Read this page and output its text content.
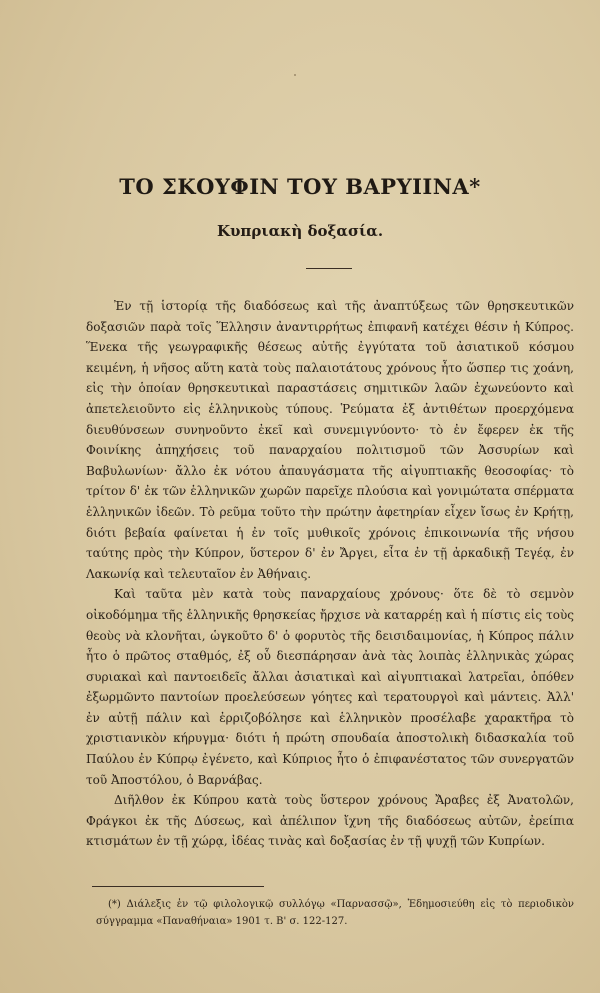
ΤΟ ΣΚΟΥΦΙΝ ΤΟΥ ΒΑΡΥΙΙΝΑ*
Κυπριακὴ δοξασία.

Ἐν τῇ ἱστορίᾳ τῆς διαδόσεως καὶ τῆς ἀναπτύξεως τῶν θρησκευτικῶν δοξασιῶν παρὰ τοῖς Ἕλλησιν ἀναντιρρήτως ἐπιφανῆ κατέχει θέσιν ἡ Κύπρος. Ἕνεκα τῆς γεωγραφικῆς θέσεως αὐτῆς ἐγγύτατα τοῦ ἀσιατικοῦ κόσμου κειμένη, ἡ νῆσος αὕτη κατὰ τοὺς παλαιοτάτους χρόνους ἦτο ὥσπερ τις χοάνη, εἰς τὴν ὁποίαν θρησκευτικαὶ παραστάσεις σημιτικῶν λαῶν ἐχωνεύοντο καὶ ἀπετελειοῦντο εἰς ἑλληνικοὺς τύπους. Ῥεύματα ἐξ ἀντιθέτων προερχόμενα διευθύνσεων συνηνοῦντο ἐκεῖ καὶ συνεμιγνύοντο· τὸ ἐν ἔφερεν ἐκ τῆς Φοινίκης ἀπηχήσεις τοῦ παναρχαίου πολιτισμοῦ τῶν Ἀσσυρίων καὶ Βαβυλωνίων· ἄλλο ἐκ νότου ἀπαυγάσματα τῆς αἰγυπτιακῆς θεοσοφίας· τὸ τρίτον δ' ἐκ τῶν ἑλληνικῶν χωρῶν παρεῖχε πλούσια καὶ γονιμώτατα σπέρματα ἑλληνικῶν ἰδεῶν. Τὸ ρεῦμα τοῦτο τὴν πρώτην ἀφετηρίαν εἶχεν ἴσως ἐν Κρήτῃ, διότι βεβαία φαίνεται ἡ ἐν τοῖς μυθικοῖς χρόνοις ἐπικοινωνία τῆς νήσου ταύτης πρὸς τὴν Κύπρον, ὕστερον δ' ἐν Ἄργει, εἶτα ἐν τῇ ἀρκαδικῇ Τεγέᾳ, ἐν Λακωνίᾳ καὶ τελευταῖον ἐν Ἀθήναις.

Καὶ ταῦτα μὲν κατὰ τοὺς παναρχαίους χρόνους· ὅτε δὲ τὸ σεμνὸν οἰκοδόμημα τῆς ἑλληνικῆς θρησκείας ἤρχισε νὰ καταρρέῃ καὶ ἡ πίστις εἰς τοὺς θεοὺς νὰ κλονῆται, ὡγκοῦτο δ' ὁ φορυτὸς τῆς δεισιδαιμονίας, ἡ Κύπρος πάλιν ἦτο ὁ πρῶτος σταθμός, ἐξ οὗ διεσπάρησαν ἀνὰ τὰς λοιπὰς ἑλληνικὰς χώρας συριακαὶ καὶ παντοειδεῖς ἄλλαι ἀσιατικαὶ καὶ αἰγυπτιακαὶ λατρεῖαι, ὁπόθεν ἐξωρμῶντο παντοίων προελεύσεων γόητες καὶ τερατουργοὶ καὶ μάντεις. Ἀλλ' ἐν αὐτῇ πάλιν καὶ ἐρριζοβόλησε καὶ ἑλληνικὸν προσέλαβε χαρακτῆρα τὸ χριστιανικὸν κήρυγμα· διότι ἡ πρώτη σπουδαία ἀποστολικὴ διδασκαλία τοῦ Παύλου ἐν Κύπρῳ ἐγένετο, καὶ Κύπριος ἦτο ὁ ἐπιφανέστατος τῶν συνεργατῶν τοῦ Ἀποστόλου, ὁ Βαρνάβας.

Διῆλθον ἐκ Κύπρου κατὰ τοὺς ὕστερον χρόνους Ἄραβες ἐξ Ἀνατολῶν, Φράγκοι ἐκ τῆς Δύσεως, καὶ ἀπέλιπον ἴχνη τῆς διαδόσεως αὐτῶν, ἐρείπια κτισμάτων ἐν τῇ χώρᾳ, ἰδέας τινὰς καὶ δοξασίας ἐν τῇ ψυχῇ τῶν Κυπρίων.

(*) Διάλεξις ἐν τῷ φιλολογικῷ συλλόγῳ «Παρνασσῷ», Ἐδημοσιεύθη εἰς τὸ περιοδικὸν σύγγραμμα «Παναθήναια» 1901 τ. Β' σ. 122-127.
